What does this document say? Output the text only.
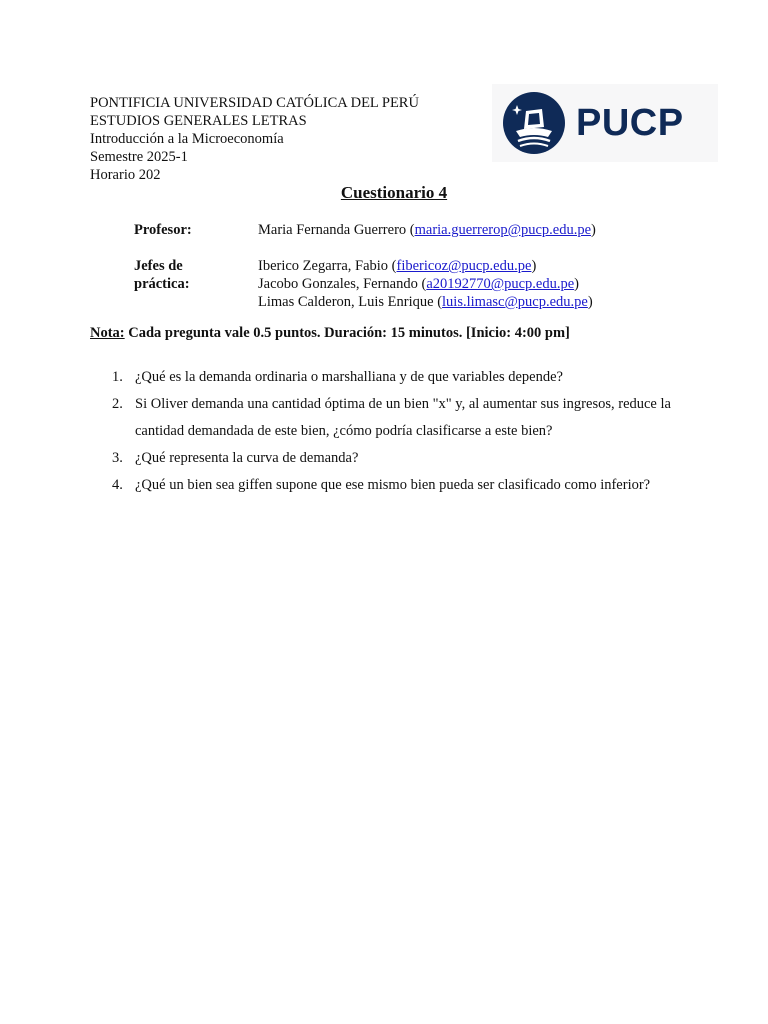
PONTIFICIA UNIVERSIDAD CATÓLICA DEL PERÚ
ESTUDIOS GENERALES LETRAS
Introducción a la Microeconomía
Semestre 2025-1
Horario 202
PUCP
Cuestionario 4
Profesor:	Maria Fernanda Guerrero (maria.guerrerop@pucp.edu.pe)
Jefes de
práctica:
Iberico Zegarra, Fabio (fibericoz@pucp.edu.pe)
Jacobo Gonzales, Fernando (a20192770@pucp.edu.pe)
Limas Calderon, Luis Enrique (luis.limasc@pucp.edu.pe)
Nota: Cada pregunta vale 0.5 puntos. Duración: 15 minutos. [Inicio: 4:00 pm]
1. ¿Qué es la demanda ordinaria o marshalliana y de que variables depende?
2. Si Oliver demanda una cantidad óptima de un bien "x" y, al aumentar sus ingresos, reduce la cantidad demandada de este bien, ¿cómo podría clasificarse a este bien?
3. ¿Qué representa la curva de demanda?
4. ¿Qué un bien sea giffen supone que ese mismo bien pueda ser clasificado como inferior?
